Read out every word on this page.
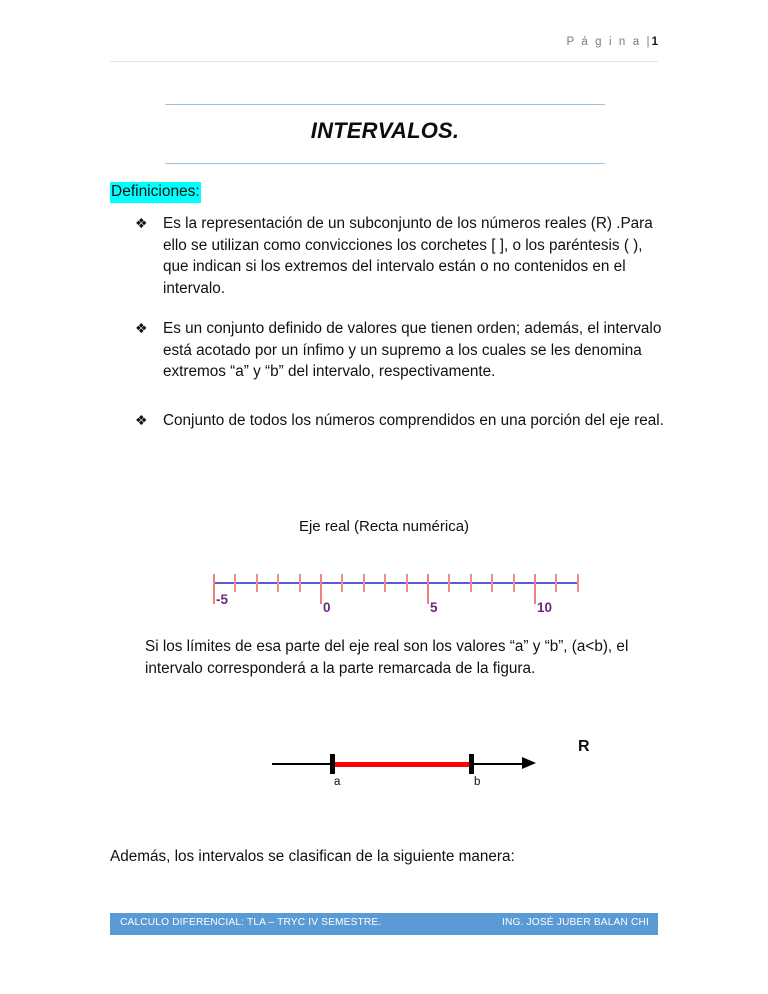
P á g i n a |1
INTERVALOS.
Definiciones:
❖ Es la representación de un subconjunto de los números reales (R) .Para ello se utilizan como convicciones los corchetes [ ], o los paréntesis ( ), que indican si los extremos del intervalo están o no contenidos en el intervalo.
❖ Es un conjunto definido de valores que tienen orden; además, el intervalo está acotado por un ínfimo y un supremo a los cuales se les denomina extremos “a” y “b” del intervalo, respectivamente.
❖ Conjunto de todos los números comprendidos en una porción del eje real.
Eje real (Recta numérica)
-5
0	5	10
Si los límites de esa parte del eje real son los valores “a” y “b”, (a<b), el intervalo corresponderá a la parte remarcada de la figura.
a	b
R
Además, los intervalos se clasifican de la siguiente manera:
CALCULO DIFERENCIAL: TLA – TRYC IV SEMESTRE.	ING. JOSÉ JUBER BALAN CHI
